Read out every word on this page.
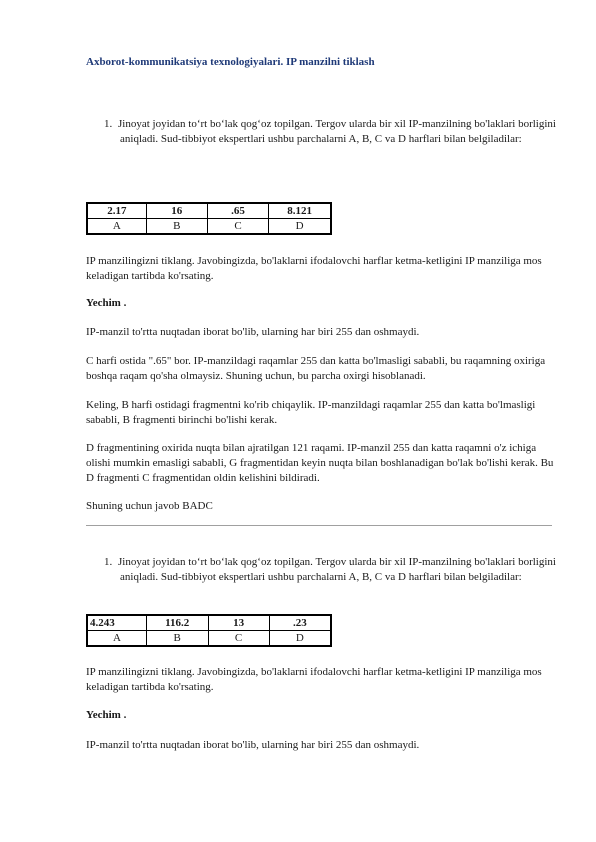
Axborot-kommunikatsiya texnologiyalari. IP manzilni tiklash
1. Jinoyat joyidan to‘rt bo‘lak qog‘oz topilgan. Tergov ularda bir xil IP-manzilning bo'laklari borligini aniqladi. Sud-tibbiyot ekspertlari ushbu parchalarni A, B, C va D harflari bilan belgiladilar:
2.17	16	.65	8.121
A	B	C	D
IP manzilingizni tiklang. Javobingizda, bo'laklarni ifodalovchi harflar ketma-ketligini IP manziliga mos keladigan tartibda ko'rsating.
Yechim .
IP-manzil to'rtta nuqtadan iborat bo'lib, ularning har biri 255 dan oshmaydi.
C harfi ostida ".65" bor. IP-manzildagi raqamlar 255 dan katta bo'lmasligi sababli, bu raqamning oxiriga boshqa raqam qo'sha olmaysiz. Shuning uchun, bu parcha oxirgi hisoblanadi.
Keling, B harfi ostidagi fragmentni ko'rib chiqaylik. IP-manzildagi raqamlar 255 dan katta bo'lmasligi sababli, B fragmenti birinchi bo'lishi kerak.
D fragmentining oxirida nuqta bilan ajratilgan 121 raqami. IP-manzil 255 dan katta raqamni o'z ichiga olishi mumkin emasligi sababli, G fragmentidan keyin nuqta bilan boshlanadigan bo'lak bo'lishi kerak. Bu D fragmenti C fragmentidan oldin kelishini bildiradi.
Shuning uchun javob BADC
1. Jinoyat joyidan to‘rt bo‘lak qog‘oz topilgan. Tergov ularda bir xil IP-manzilning bo'laklari borligini aniqladi. Sud-tibbiyot ekspertlari ushbu parchalarni A, B, C va D harflari bilan belgiladilar:
4.243	116.2	13	.23
A	B	C	D
IP manzilingizni tiklang. Javobingizda, bo'laklarni ifodalovchi harflar ketma-ketligini IP manziliga mos keladigan tartibda ko'rsating.
Yechim .
IP-manzil to'rtta nuqtadan iborat bo'lib, ularning har biri 255 dan oshmaydi.
